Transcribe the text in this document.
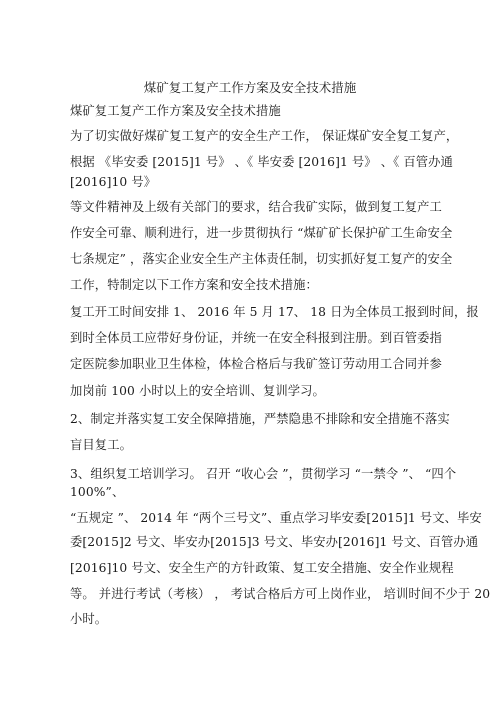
煤矿复工复产工作方案及安全技术措施
煤矿复工复产工作方案及安全技术措施
为了切实做好煤矿复工复产的安全生产工作， 保证煤矿安全复工复产，
根据 《毕安委 [2015]1 号》 、《 毕安委 [2016]1 号》 、《 百管办通
[2016]10 号》
等文件精神及上级有关部门的要求，结合我矿实际，做到复工复产工
作安全可靠、顺利进行，进一步贯彻执行 “煤矿矿长保护矿工生命安全
七条规定” ，落实企业安全生产主体责任制，切实抓好复工复产的安全
工作，特制定以下工作方案和安全技术措施：
复工开工时间安排 1、 2016 年 5 月 17、 18 日为全体员工报到时间，报
到时全体员工应带好身份证，并统一在安全科报到注册。到百管委指
定医院参加职业卫生体检，体检合格后与我矿签订劳动用工合同并参
加岗前 100 小时以上的安全培训、复训学习。
2、制定并落实复工安全保障措施，严禁隐患不排除和安全措施不落实
盲目复工。
3、组织复工培训学习。 召开 “收心会 ”，贯彻学习 “一禁令 ”、 “四个
100%”、
“五规定 ”、 2014 年 “两个三号文”、重点学习毕安委[2015]1 号文、毕安
委[2015]2 号文、毕安办[2015]3 号文、毕安办[2016]1 号文、百管办通
[2016]10 号文、安全生产的方针政策、复工安全措施、安全作业规程
等。 并进行考试（考核） ， 考试合格后方可上岗作业， 培训时间不少于 20
小时。
